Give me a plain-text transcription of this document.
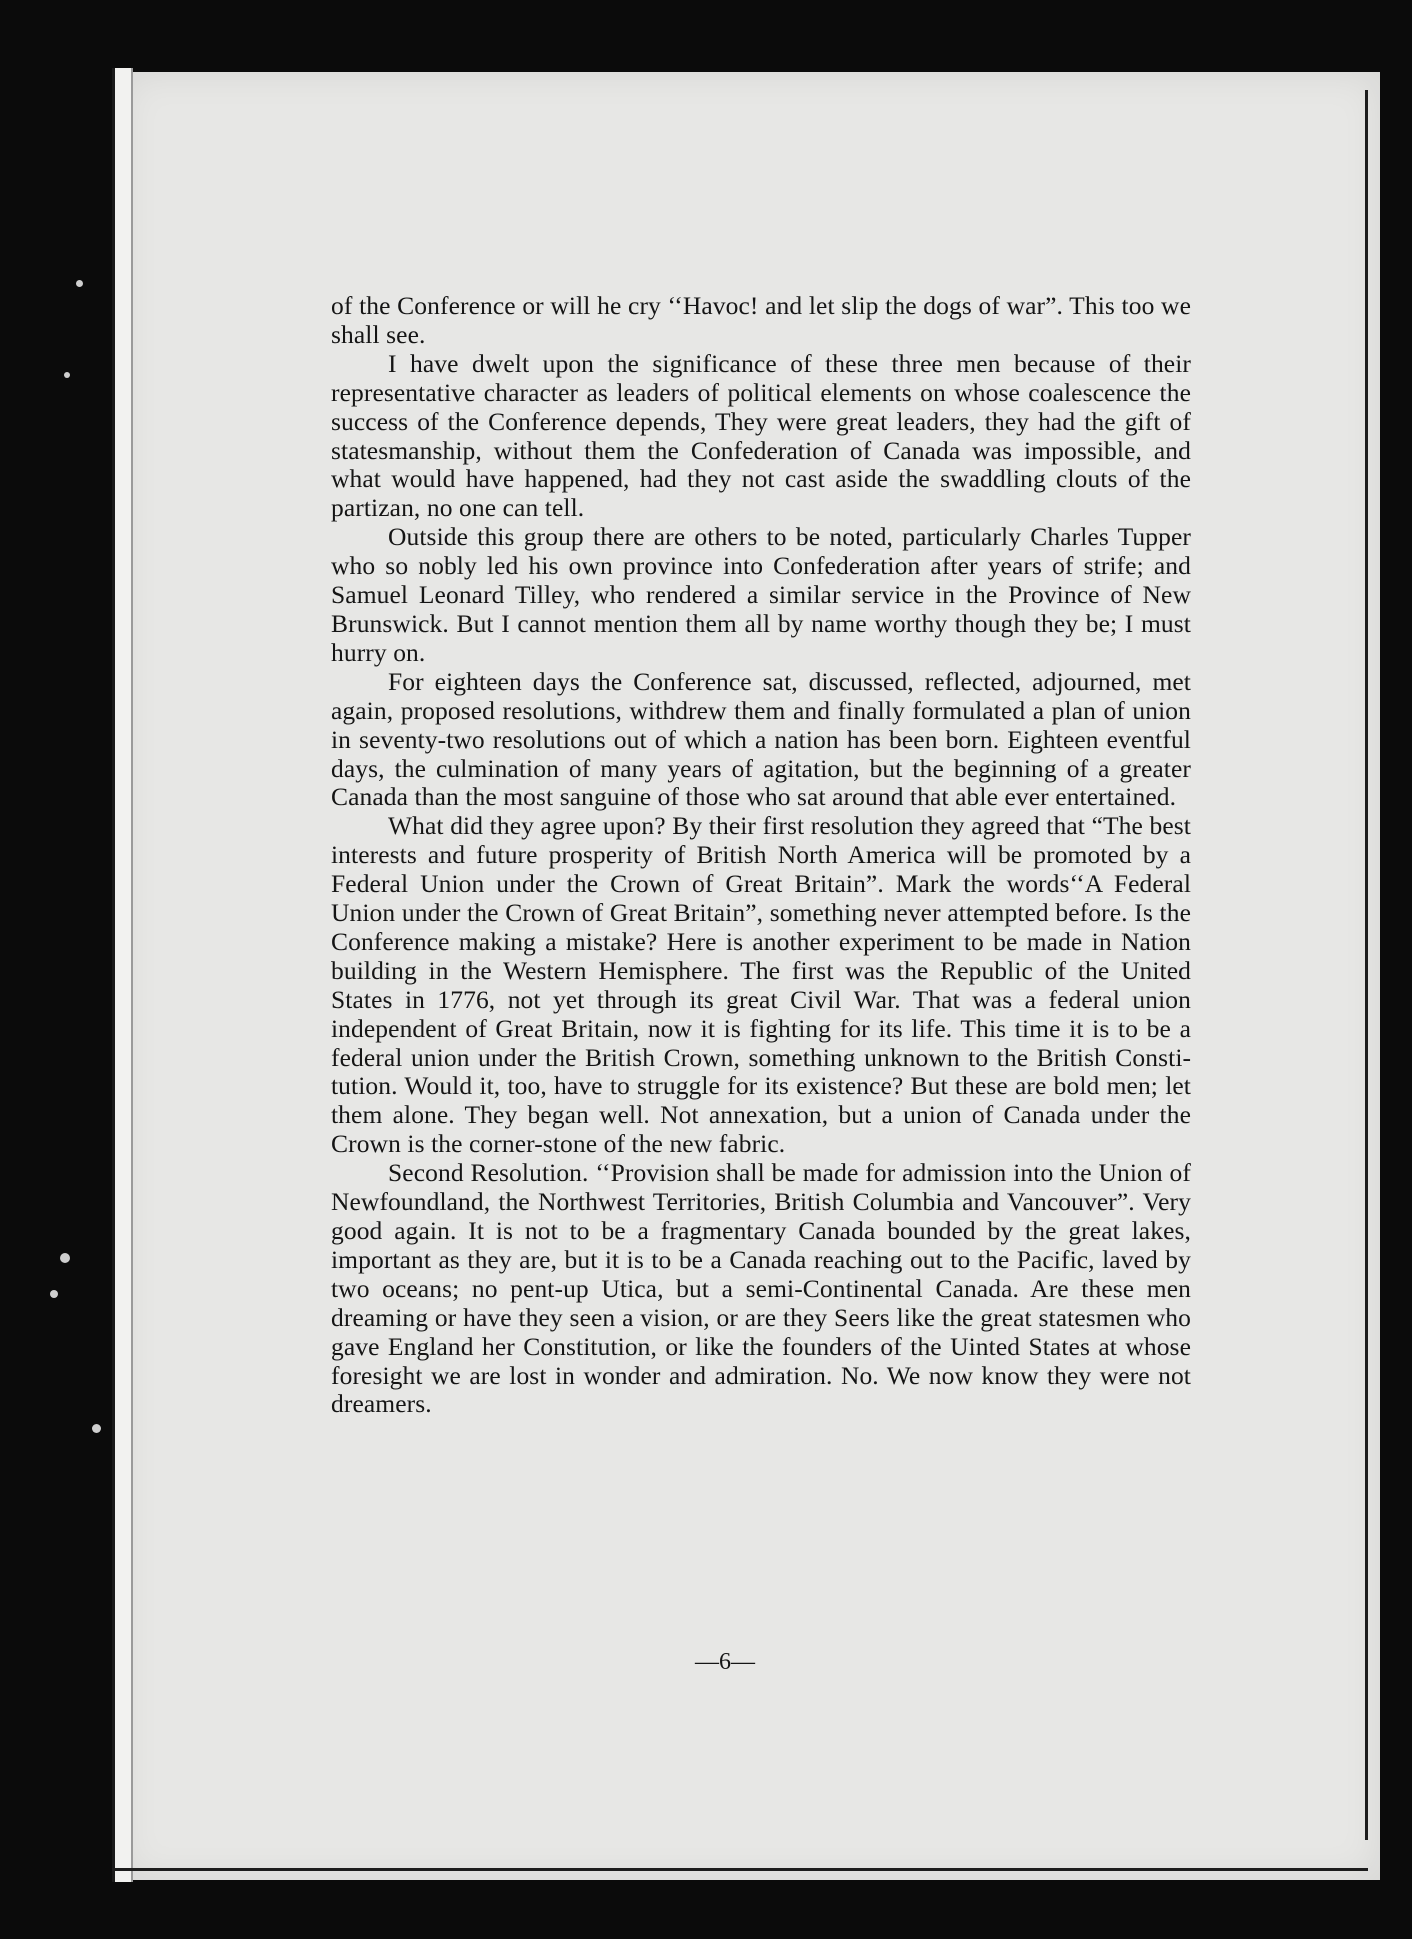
of the Conference or will he cry ‘‘Havoc! and let slip the dogs of war”. This too we shall see.

I have dwelt upon the significance of these three men because of their representative character as leaders of political elements on whose coalescence the success of the Conference depends, They were great leaders, they had the gift of statesmanship, without them the Confederation of Canada was impossible, and what would have happened, had they not cast aside the swaddling clouts of the partizan, no one can tell.

Outside this group there are others to be noted, particularly Charles Tupper who so nobly led his own province into Confederation after years of strife; and Samuel Leonard Tilley, who rendered a similar service in the Province of New Brunswick. But I cannot mention them all by name worthy though they be; I must hurry on.

For eighteen days the Conference sat, discussed, reflected, adjourned, met again, proposed resolutions, withdrew them and finally formulated a plan of union in seventy-two resolutions out of which a nation has been born. Eighteen eventful days, the culmination of many years of agitation, but the beginning of a greater Canada than the most sanguine of those who sat around that able ever entertained.

What did they agree upon? By their first resolution they agreed that “The best interests and future prosperity of British North America will be promoted by a Federal Union under the Crown of Great Britain”. Mark the words‘‘A Federal Union under the Crown of Great Britain”, something never attempted before. Is the Conference making a mistake? Here is another experiment to be made in Nation building in the Western Hemisphere. The first was the Republic of the United States in 1776, not yet through its great Civil War. That was a federal union independent of Great Britain, now it is fighting for its life. This time it is to be a federal union under the British Crown, something unknown to the British Constitution. Would it, too, have to struggle for its existence? But these are bold men; let them alone. They began well. Not annexation, but a union of Canada under the Crown is the corner-stone of the new fabric.

Second Resolution. ‘‘Provision shall be made for admission into the Union of Newfoundland, the Northwest Territories, British Columbia and Vancouver”. Very good again. It is not to be a fragmentary Canada bounded by the great lakes, important as they are, but it is to be a Canada reaching out to the Pacific, laved by two oceans; no pent-up Utica, but a semi-Continental Canada. Are these men dreaming or have they seen a vision, or are they Seers like the great statesmen who gave England her Constitution, or like the founders of the Uinted States at whose foresight we are lost in wonder and admiration. No. We now know they were not dreamers.

—6—
